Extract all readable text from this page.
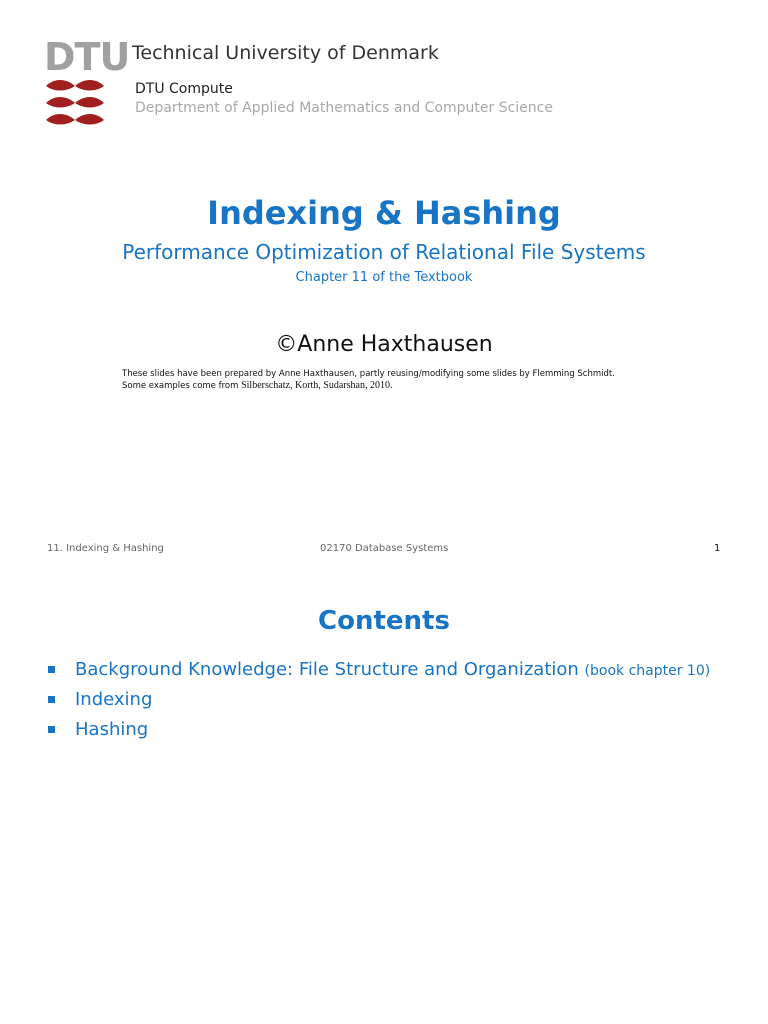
DTU Technical University of Denmark
DTU Compute
Department of Applied Mathematics and Computer Science
Indexing & Hashing
Performance Optimization of Relational File Systems
Chapter 11 of the Textbook
©Anne Haxthausen
These slides have been prepared by Anne Haxthausen, partly reusing/modifying some slides by Flemming Schmidt.
Some examples come from Silberschatz, Korth, Sudarshan, 2010.
11. Indexing & Hashing	02170 Database Systems	1
Contents
Background Knowledge: File Structure and Organization (book chapter 10)
Indexing
Hashing
